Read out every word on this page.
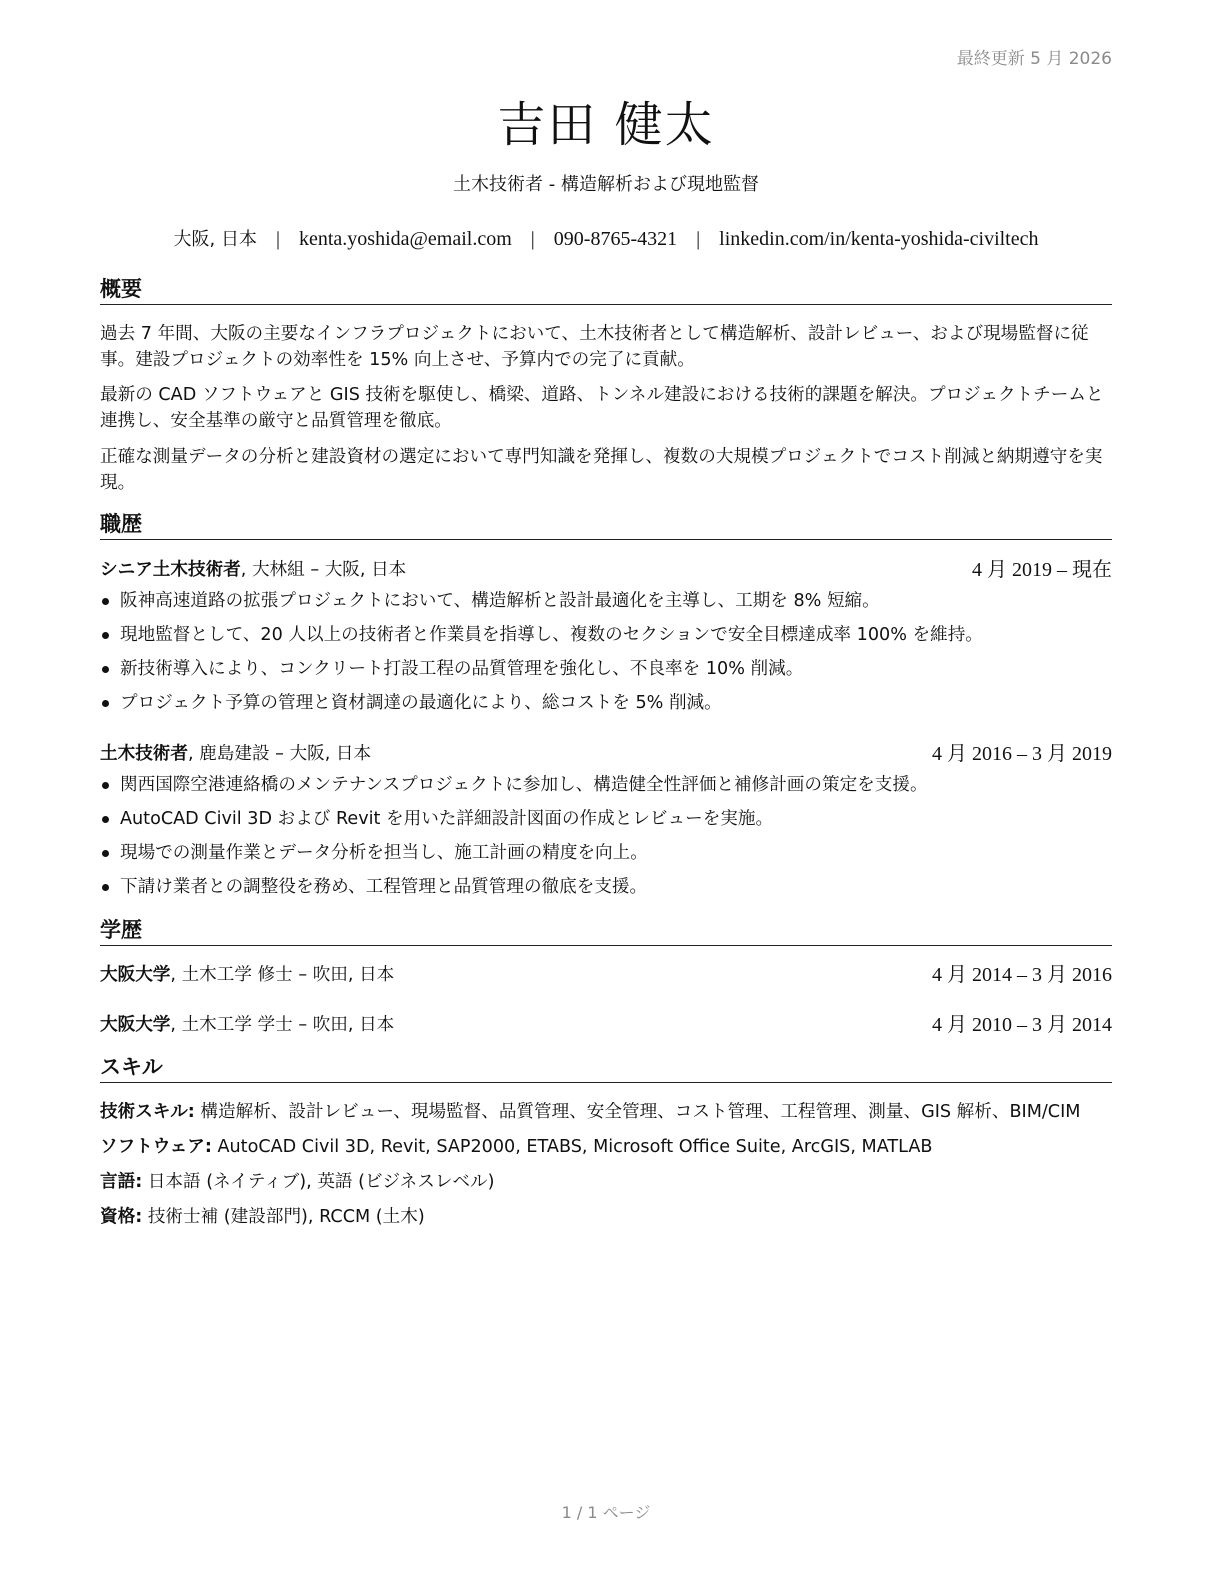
最終更新 5 月 2026
吉田 健太
土木技術者 - 構造解析および現地監督
大阪, 日本 | kenta.yoshida@email.com | 090-8765-4321 | linkedin.com/in/kenta-yoshida-civiltech
概要

過去 7 年間、大阪の主要なインフラプロジェクトにおいて、土木技術者として構造解析、設計レビュー、および現場監督に従事。建設プロジェクトの効率性を 15% 向上させ、予算内での完了に貢献。

最新の CAD ソフトウェアと GIS 技術を駆使し、橋梁、道路、トンネル建設における技術的課題を解決。プロジェクトチームと連携し、安全基準の厳守と品質管理を徹底。

正確な測量データの分析と建設資材の選定において専門知識を発揮し、複数の大規模プロジェクトでコスト削減と納期遵守を実現。

職歴
シニア土木技術者, 大林組 – 大阪, 日本	4 月 2019 – 現在
阪神高速道路の拡張プロジェクトにおいて、構造解析と設計最適化を主導し、工期を 8% 短縮。
現地監督として、20 人以上の技術者と作業員を指導し、複数のセクションで安全目標達成率 100% を維持。
新技術導入により、コンクリート打設工程の品質管理を強化し、不良率を 10% 削減。
プロジェクト予算の管理と資材調達の最適化により、総コストを 5% 削減。
土木技術者, 鹿島建設 – 大阪, 日本	4 月 2016 – 3 月 2019
関西国際空港連絡橋のメンテナンスプロジェクトに参加し、構造健全性評価と補修計画の策定を支援。
AutoCAD Civil 3D および Revit を用いた詳細設計図面の作成とレビューを実施。
現場での測量作業とデータ分析を担当し、施工計画の精度を向上。
下請け業者との調整役を務め、工程管理と品質管理の徹底を支援。
学歴
大阪大学, 土木工学 修士 – 吹田, 日本	4 月 2014 – 3 月 2016
大阪大学, 土木工学 学士 – 吹田, 日本	4 月 2010 – 3 月 2014
スキル
技術スキル: 構造解析、設計レビュー、現場監督、品質管理、安全管理、コスト管理、工程管理、測量、GIS 解析、BIM/CIM
ソフトウェア: AutoCAD Civil 3D, Revit, SAP2000, ETABS, Microsoft Office Suite, ArcGIS, MATLAB
言語: 日本語 (ネイティブ), 英語 (ビジネスレベル)
資格: 技術士補 (建設部門), RCCM (土木)
1 / 1 ページ
